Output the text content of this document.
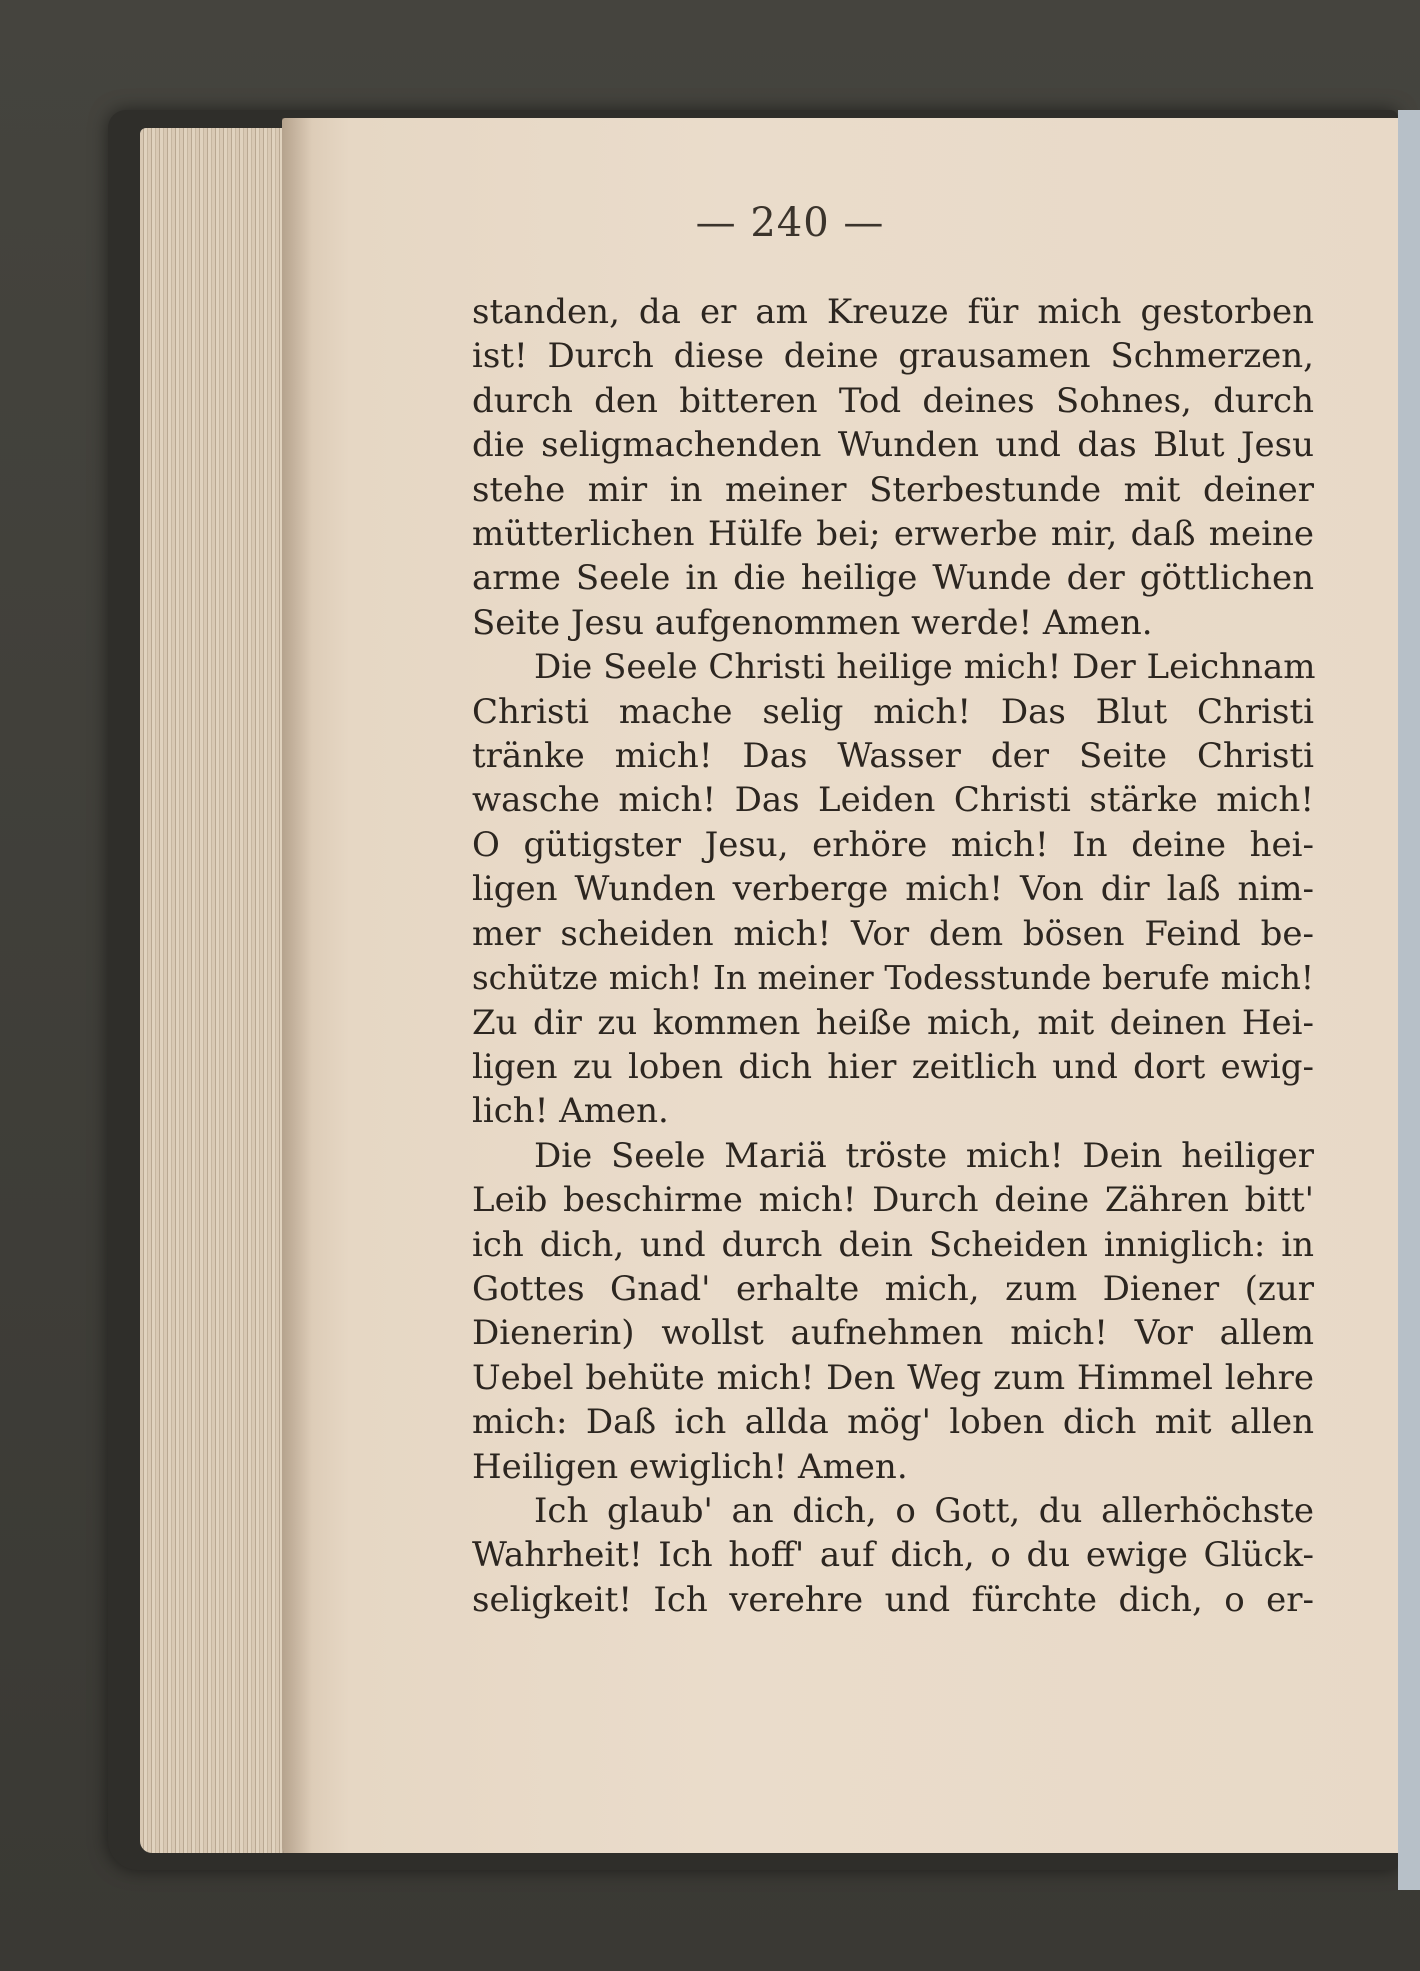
— 240 —
standen, da er am Kreuze für mich gestorben
ist! Durch diese deine grausamen Schmerzen,
durch den bitteren Tod deines Sohnes, durch
die seligmachenden Wunden und das Blut Jesu
stehe mir in meiner Sterbestunde mit deiner
mütterlichen Hülfe bei; erwerbe mir, daß meine
arme Seele in die heilige Wunde der göttlichen
Seite Jesu aufgenommen werde! Amen.
Die Seele Christi heilige mich! Der Leichnam
Christi mache selig mich! Das Blut Christi
tränke mich! Das Wasser der Seite Christi
wasche mich! Das Leiden Christi stärke mich!
O gütigster Jesu, erhöre mich! In deine hei-
ligen Wunden verberge mich! Von dir laß nim-
mer scheiden mich! Vor dem bösen Feind be-
schütze mich! In meiner Todesstunde berufe mich!
Zu dir zu kommen heiße mich, mit deinen Hei-
ligen zu loben dich hier zeitlich und dort ewig-
lich! Amen.
Die Seele Mariä tröste mich! Dein heiliger
Leib beschirme mich! Durch deine Zähren bitt'
ich dich, und durch dein Scheiden inniglich: in
Gottes Gnad' erhalte mich, zum Diener (zur
Dienerin) wollst aufnehmen mich! Vor allem
Uebel behüte mich! Den Weg zum Himmel lehre
mich: Daß ich allda mög' loben dich mit allen
Heiligen ewiglich! Amen.
Ich glaub' an dich, o Gott, du allerhöchste
Wahrheit! Ich hoff' auf dich, o du ewige Glück-
seligkeit! Ich verehre und fürchte dich, o er-
